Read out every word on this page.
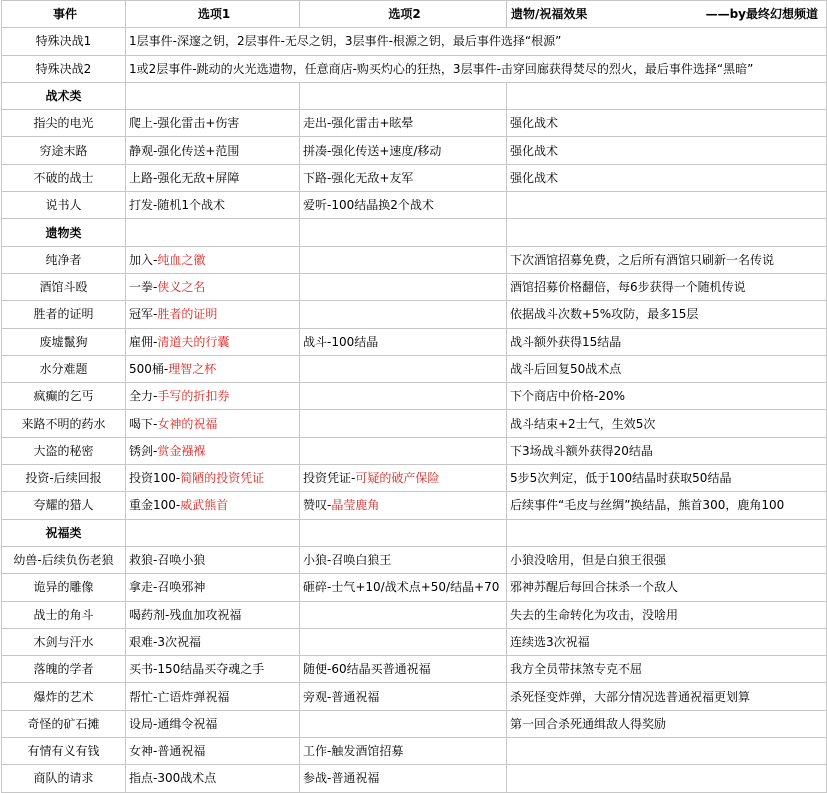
事件	选项1	选项2	遗物/祝福效果 ——by最终幻想频道

特殊决战1	1层事件-深邃之钥，2层事件-无尽之钥，3层事件-根源之钥，最后事件选择“根源”		
特殊决战2	1或2层事件-跳动的火光选遗物，任意商店-购买灼心的狂热，3层事件-击穿回廊获得焚尽的烈火，最后事件选择“黑暗”		
战术类			
指尖的电光	爬上-强化雷击+伤害	走出-强化雷击+眩晕	强化战术
穷途末路	静观-强化传送+范围	拼凑-强化传送+速度/移动	强化战术
不破的战士	上路-强化无敌+屏障	下路-强化无敌+友军	强化战术
说书人	打发-随机1个战术	爱听-100结晶换2个战术	
遗物类			
纯净者	加入-纯血之徽		下次酒馆招募免费，之后所有酒馆只刷新一名传说
酒馆斗殴	一拳-侠义之名		酒馆招募价格翻倍，每6步获得一个随机传说
胜者的证明	冠军-胜者的证明		依据战斗次数+5%攻防，最多15层
废墟鬣狗	雇佣-清道夫的行囊	战斗-100结晶	战斗额外获得15结晶
水分难题	500桶-理智之杯		战斗后回复50战术点
疯癫的乞丐	全力-手写的折扣券		下个商店中价格-20%
来路不明的药水	喝下-女神的祝福		战斗结束+2士气，生效5次
大盗的秘密	锈剑-赏金襁褓		下3场战斗额外获得20结晶
投资-后续回报	投资100-简陋的投资凭证	投资凭证-可疑的破产保险	5步5次判定，低于100结晶时获取50结晶
夸耀的猎人	重金100-威武熊首	赞叹-晶莹鹿角	后续事件“毛皮与丝绸”换结晶，熊首300，鹿角100
祝福类			
幼兽-后续负伤老狼	救狼-召唤小狼	小狼-召唤白狼王	小狼没啥用，但是白狼王很强
诡异的雕像	拿走-召唤邪神	砸碎-士气+10/战术点+50/结晶+70	邪神苏醒后每回合抹杀一个敌人
战士的角斗	喝药剂-残血加攻祝福		失去的生命转化为攻击，没啥用
木剑与汗水	艰难-3次祝福		连续选3次祝福
落魄的学者	买书-150结晶买夺魂之手	随便-60结晶买普通祝福	我方全员带抹煞专克不屈
爆炸的艺术	帮忙-亡语炸弹祝福	旁观-普通祝福	杀死怪变炸弹，大部分情况选普通祝福更划算
奇怪的矿石摊	设局-通缉令祝福		第一回合杀死通缉敌人得奖励
有情有义有钱	女神-普通祝福	工作-触发酒馆招募	
商队的请求	指点-300战术点	参战-普通祝福	
